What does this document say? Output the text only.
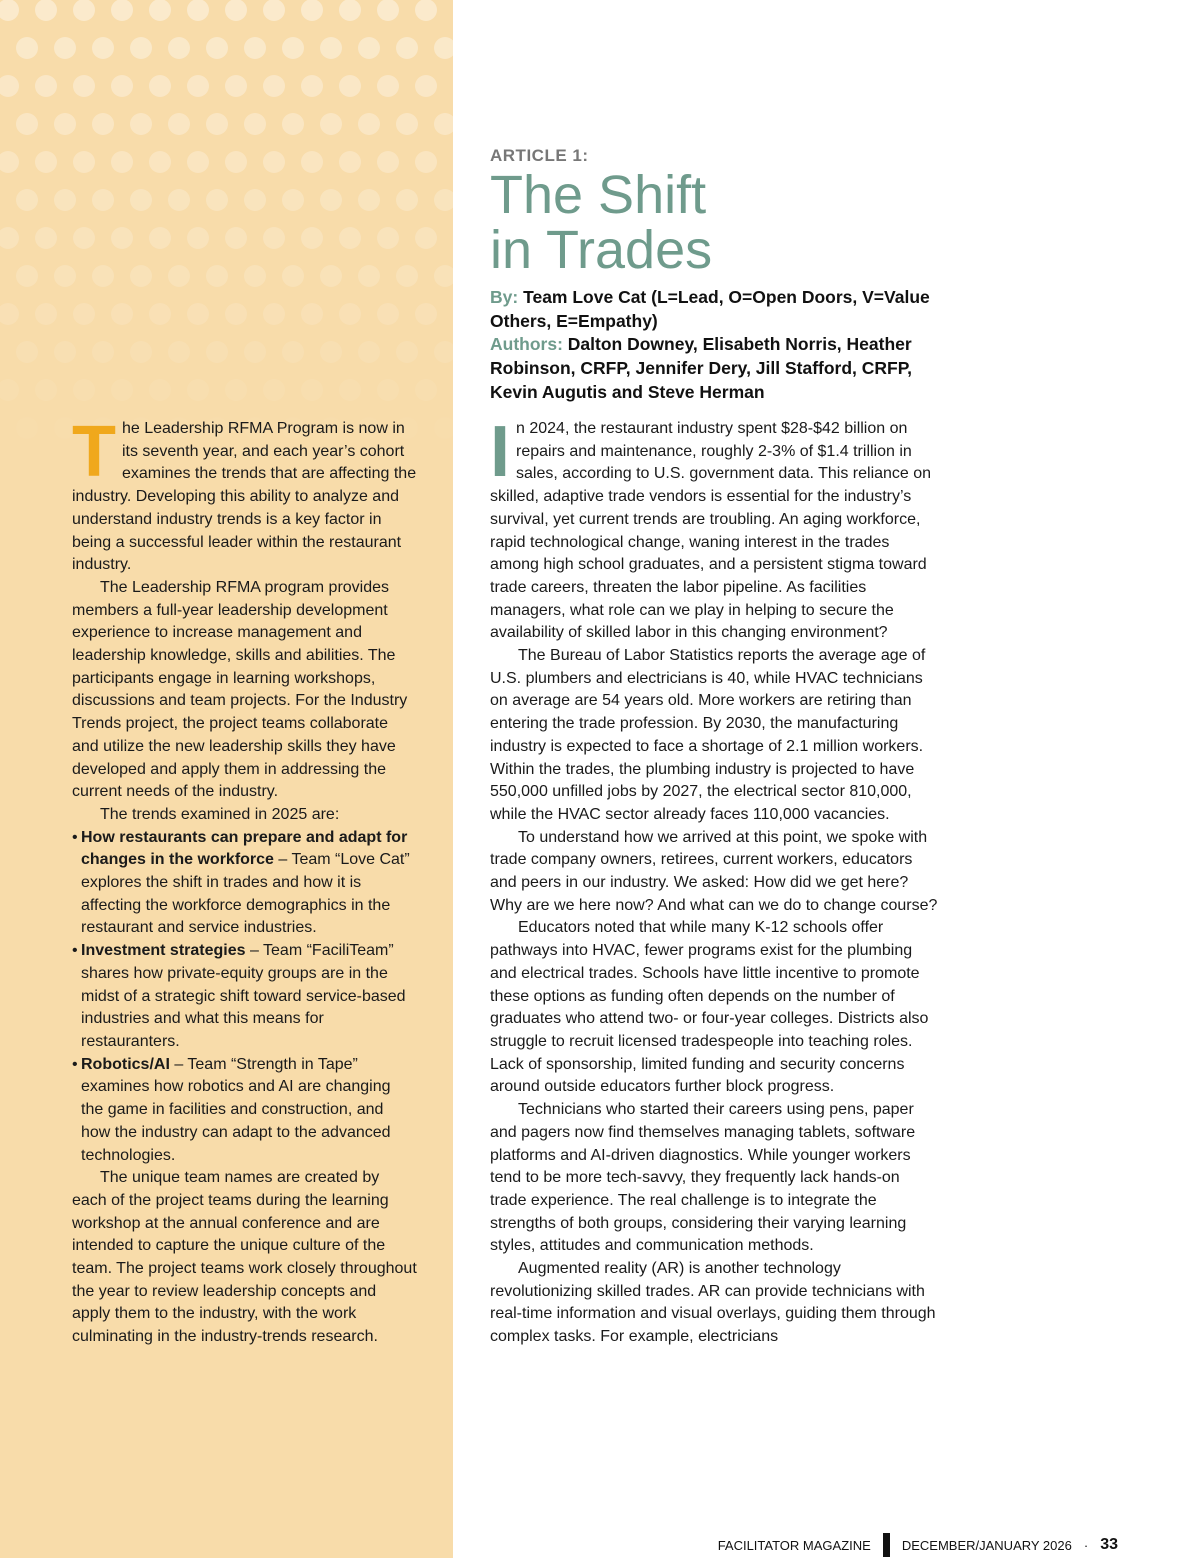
The Leadership RFMA Program is now in its seventh year, and each year’s cohort examines the trends that are affecting the industry. Developing this ability to analyze and understand industry trends is a key factor in being a successful leader within the restaurant industry.

The Leadership RFMA program provides members a full-year leadership development experience to increase management and leadership knowledge, skills and abilities. The participants engage in learning workshops, discussions and team projects. For the Industry Trends project, the project teams collaborate and utilize the new leadership skills they have developed and apply them in addressing the current needs of the industry.

The trends examined in 2025 are:

• How restaurants can prepare and adapt for changes in the workforce – Team “Love Cat” explores the shift in trades and how it is affecting the workforce demographics in the restaurant and service industries.
• Investment strategies – Team “FaciliTeam” shares how private-equity groups are in the midst of a strategic shift toward service-based industries and what this means for restauranters.
• Robotics/AI – Team “Strength in Tape” examines how robotics and AI are changing the game in facilities and construction, and how the industry can adapt to the advanced technologies.

The unique team names are created by each of the project teams during the learning workshop at the annual conference and are intended to capture the unique culture of the team. The project teams work closely throughout the year to review leadership concepts and apply them to the industry, with the work culminating in the industry-trends research.

ARTICLE 1:
The Shift
in Trades
By: Team Love Cat (L=Lead, O=Open Doors, V=Value Others, E=Empathy)
Authors: Dalton Downey, Elisabeth Norris, Heather Robinson, CRFP, Jennifer Dery, Jill Stafford, CRFP, Kevin Augutis and Steve Herman

In 2024, the restaurant industry spent $28-$42 billion on repairs and maintenance, roughly 2-3% of $1.4 trillion in sales, according to U.S. government data. This reliance on skilled, adaptive trade vendors is essential for the industry’s survival, yet current trends are troubling. An aging workforce, rapid technological change, waning interest in the trades among high school graduates, and a persistent stigma toward trade careers, threaten the labor pipeline. As facilities managers, what role can we play in helping to secure the availability of skilled labor in this changing environment?

The Bureau of Labor Statistics reports the average age of U.S. plumbers and electricians is 40, while HVAC technicians on average are 54 years old. More workers are retiring than entering the trade profession. By 2030, the manufacturing industry is expected to face a shortage of 2.1 million workers. Within the trades, the plumbing industry is projected to have 550,000 unfilled jobs by 2027, the electrical sector 810,000, while the HVAC sector already faces 110,000 vacancies.

To understand how we arrived at this point, we spoke with trade company owners, retirees, current workers, educators and peers in our industry. We asked: How did we get here? Why are we here now? And what can we do to change course?

Educators noted that while many K-12 schools offer pathways into HVAC, fewer programs exist for the plumbing and electrical trades. Schools have little incentive to promote these options as funding often depends on the number of graduates who attend two- or four-year colleges. Districts also struggle to recruit licensed tradespeople into teaching roles. Lack of sponsorship, limited funding and security concerns around outside educators further block progress.

Technicians who started their careers using pens, paper and pagers now find themselves managing tablets, software platforms and AI-driven diagnostics. While younger workers tend to be more tech-savvy, they frequently lack hands-on trade experience. The real challenge is to integrate the strengths of both groups, considering their varying learning styles, attitudes and communication methods.

Augmented reality (AR) is another technology revolutionizing skilled trades. AR can provide technicians with real-time information and visual overlays, guiding them through complex tasks. For example, electricians

FACILITATOR MAGAZINE DECEMBER/JANUARY 2026 · 33
